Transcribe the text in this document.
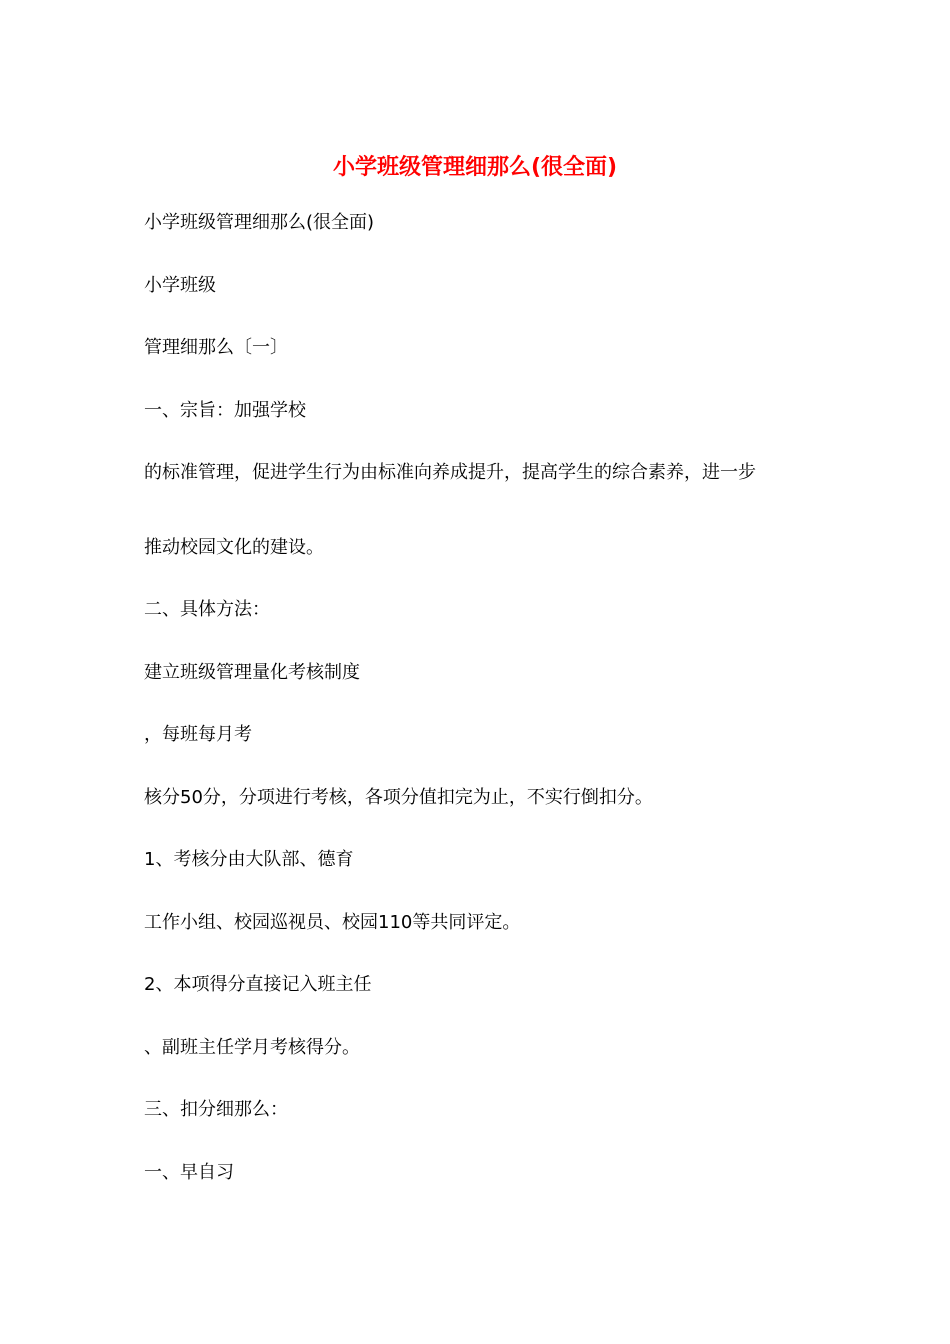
小学班级管理细那么(很全面)
小学班级管理细那么(很全面)
小学班级
管理细那么〔一〕
一、宗旨：加强学校
的标准管理，促进学生行为由标准向养成提升，提高学生的综合素养，进一步
推动校园文化的建设。
二、具体方法：
建立班级管理量化考核制度
，每班每月考
核分50分，分项进行考核，各项分值扣完为止，不实行倒扣分。
1、考核分由大队部、德育
工作小组、校园巡视员、校园110等共同评定。
2、本项得分直接记入班主任
、副班主任学月考核得分。
三、扣分细那么：
一、早自习
